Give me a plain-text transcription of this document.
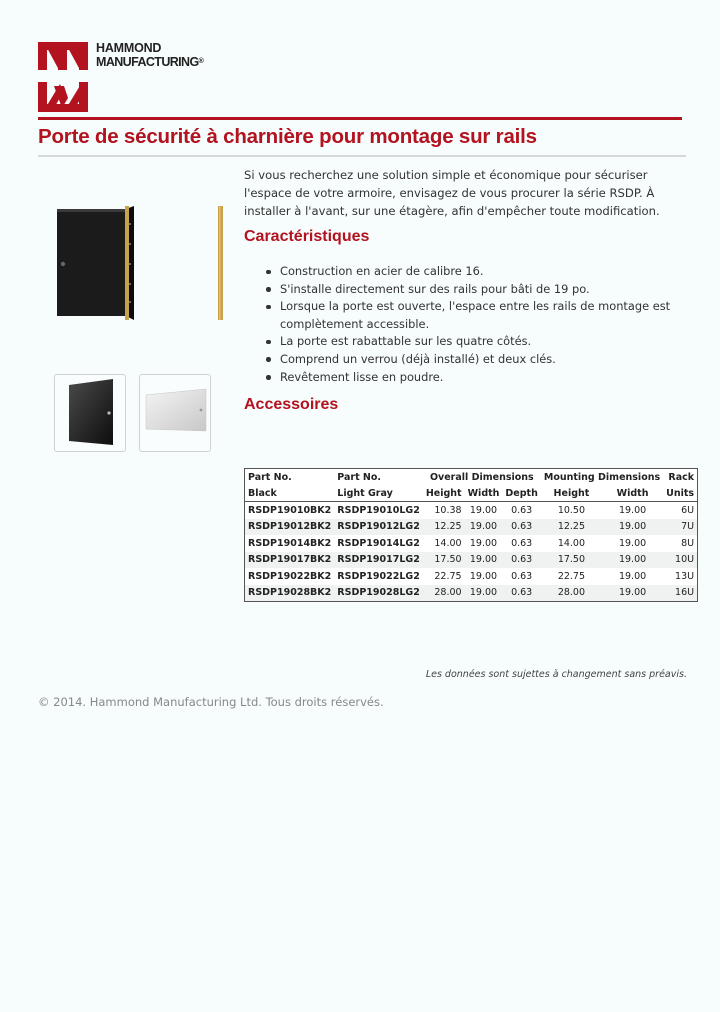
HAMMOND
MANUFACTURING®
Porte de sécurité à charnière pour montage sur rails

Si vous recherchez une solution simple et économique pour sécuriser l'espace de votre armoire, envisagez de vous procurer la série RSDP. À installer à l'avant, sur une étagère, afin d'empêcher toute modification.

Caractéristiques
Construction en acier de calibre 16.
S'installe directement sur des rails pour bâti de 19 po.
Lorsque la porte est ouverte, l'espace entre les rails de montage est complètement accessible.
La porte est rabattable sur les quatre côtés.
Comprend un verrou (déjà installé) et deux clés.
Revêtement lisse en poudre.
Accessoires
Part No.	Part No.	Overall Dimensions			Mounting Dimensions		Rack
Black	Light Gray	Height	Width	Depth	Height	Width	Units
RSDP19010BK2	RSDP19010LG2	10.38	19.00	0.63	10.50	19.00	6U
RSDP19012BK2	RSDP19012LG2	12.25	19.00	0.63	12.25	19.00	7U
RSDP19014BK2	RSDP19014LG2	14.00	19.00	0.63	14.00	19.00	8U
RSDP19017BK2	RSDP19017LG2	17.50	19.00	0.63	17.50	19.00	10U
RSDP19022BK2	RSDP19022LG2	22.75	19.00	0.63	22.75	19.00	13U
RSDP19028BK2	RSDP19028LG2	28.00	19.00	0.63	28.00	19.00	16U
Les données sont sujettes à changement sans préavis.
© 2014. Hammond Manufacturing Ltd. Tous droits réservés.
